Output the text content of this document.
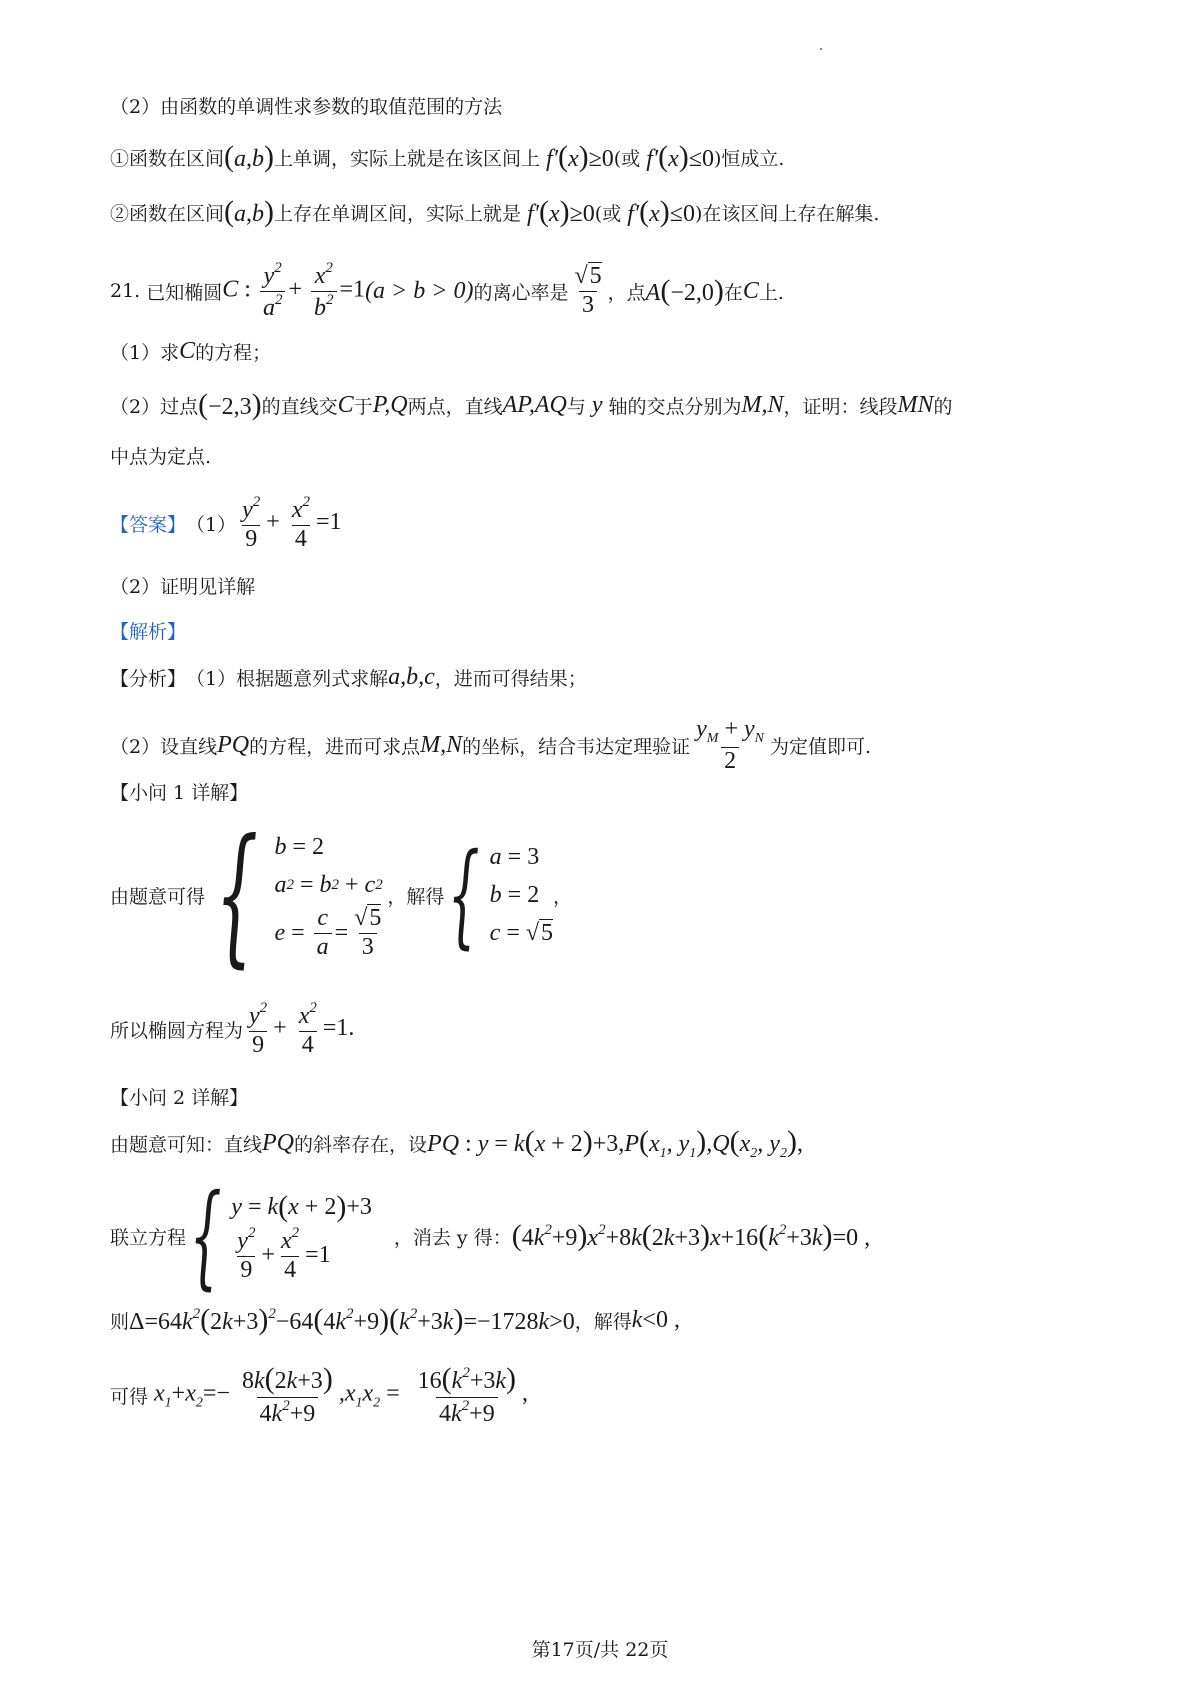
（2）由函数的单调性求参数的取值范围的方法
①函数在区间 (a,b) 上单调，实际上就是在该区间上 f′(x)≥0 (或 f′(x)≤0 )恒成立.
②函数在区间 (a,b) 上存在单调区间，实际上就是 f′(x)≥0 (或 f′(x)≤0 )在该区间上存在解集.
21.
已知椭圆 C : $\frac{y^2}{a^2} + \frac{x^2}{b^2} =1$ (a > b > 0) 的离心率是 $\frac{√5}{3}$ ，点 A(−2,0) 在 C 上.
（1）求 C 的方程；
（2）过点 (−2,3) 的直线交 C 于 P,Q 两点，直线 AP,AQ 与 y 轴的交点分别为 M,N ，证明：线段 MN 的
中点为定点.
【答案】 $(1) \frac{y^2}{9} + \frac{x^2}{4} =1$
（2）证明见详解
【解析】
【分析】 （1）根据题意列式求解 a,b,c ，进而可得结果；
（2）设直线 PQ 的方程，进而可求点 M,N 的坐标，结合韦达定理验证 $\frac{y_M + y_N}{2}$ 为定值即可.
【小问 1 详解】
由题意可得 { b = 2
a 2 = b 2 + c 2
$e = \frac{c}{a} = \frac{√5}{3}$
，解得 { a = 3
b = 2
c = √5
，
所以椭圆方程为 $\frac{y^2}{9} + \frac{x^2}{4} =1$.
【小问 2 详解】
由题意可知：直线 PQ 的斜率存在，设 PQ : $y = k(x + 2)+3,P(x_1$, $y_1),Q(x_2$, $y_2$),
联立方程 { y = k ( x + 2 ) +3
$\frac{y^2}{9} + \frac{x^2}{4} =1$
，消去 y 得： $(4k^2+9)x^2+8k(2k+3)x+16(k^2+3k)=0$ ,
则 $\Delta=64k^2(2k+3)^2-64(4k^2+9)(k^2+3k)=-1728k>0$ ，解得 k<0 ,
可得 $x_1+x_2=- \frac{8k(2k+3)}{4k^2+9} ,x_1x_2 = \frac{16(k^2+3k)}{4k^2+9}$ ,
第17页/共 22页
